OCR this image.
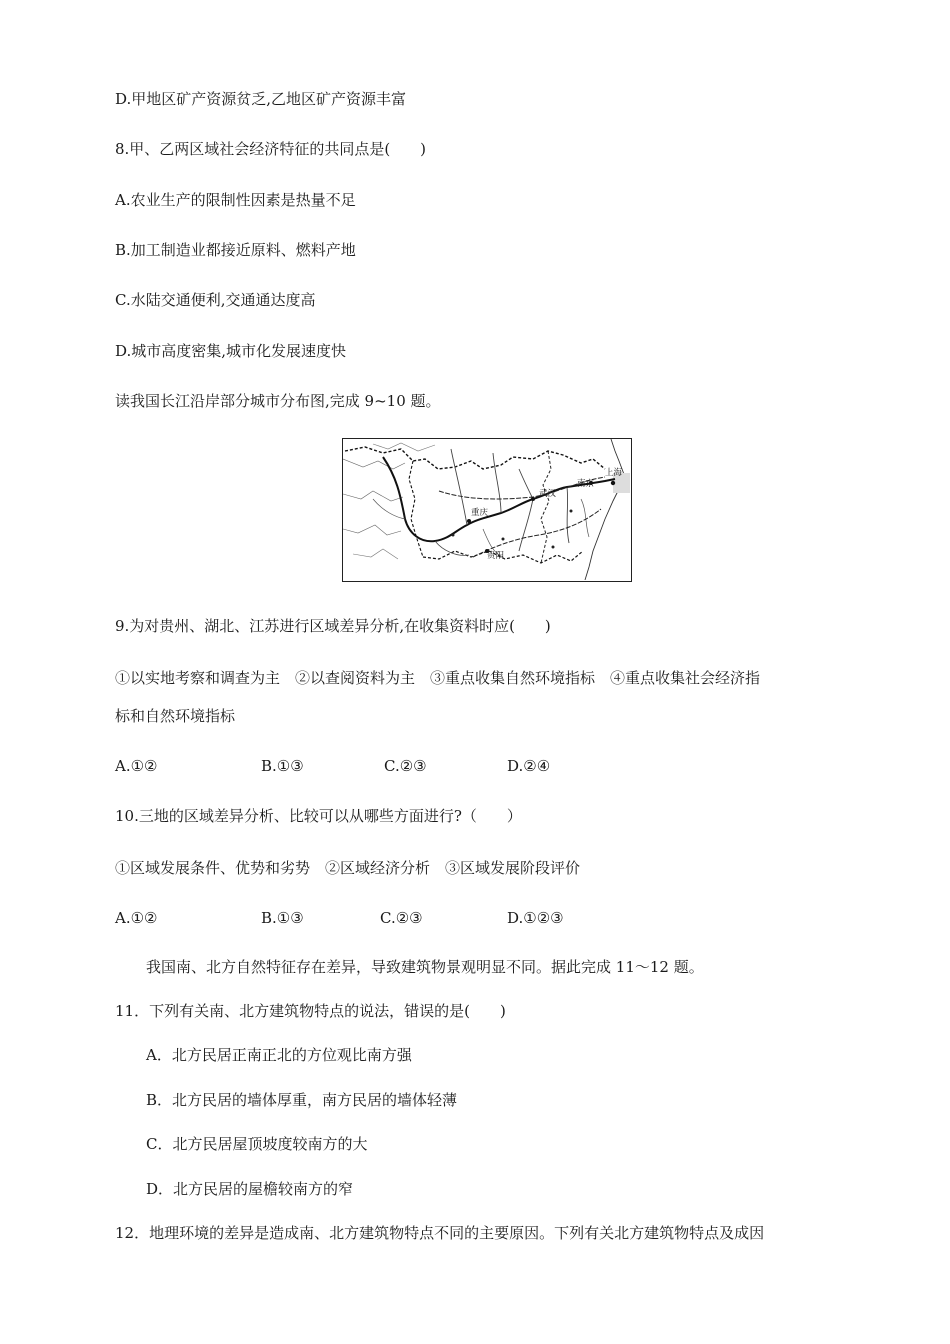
D.甲地区矿产资源贫乏,乙地区矿产资源丰富
8.甲、乙两区域社会经济特征的共同点是(　　)
A.农业生产的限制性因素是热量不足
B.加工制造业都接近原料、燃料产地
C.水陆交通便利,交通通达度高
D.城市高度密集,城市化发展速度快
读我国长江沿岸部分城市分布图,完成 9~10 题。
重庆
武汉
南京
上海
贵阳
9.为对贵州、湖北、江苏进行区域差异分析,在收集资料时应(　　)
①以实地考察和调查为主　②以查阅资料为主　③重点收集自然环境指标　④重点收集社会经济指
标和自然环境指标
A.①②	B.①③	C.②③	D.②④
10.三地的区域差异分析、比较可以从哪些方面进行?（　　）
①区域发展条件、优势和劣势　②区域经济分析　③区域发展阶段评价
A.①②	B.①③	C.②③	D.①②③
我国南、北方自然特征存在差异，导致建筑物景观明显不同。据此完成 11～12 题。
11．下列有关南、北方建筑物特点的说法，错误的是(　　)
A．北方民居正南正北的方位观比南方强
B．北方民居的墙体厚重，南方民居的墙体轻薄
C．北方民居屋顶坡度较南方的大
D．北方民居的屋檐较南方的窄
12．地理环境的差异是造成南、北方建筑物特点不同的主要原因。下列有关北方建筑物特点及成因
